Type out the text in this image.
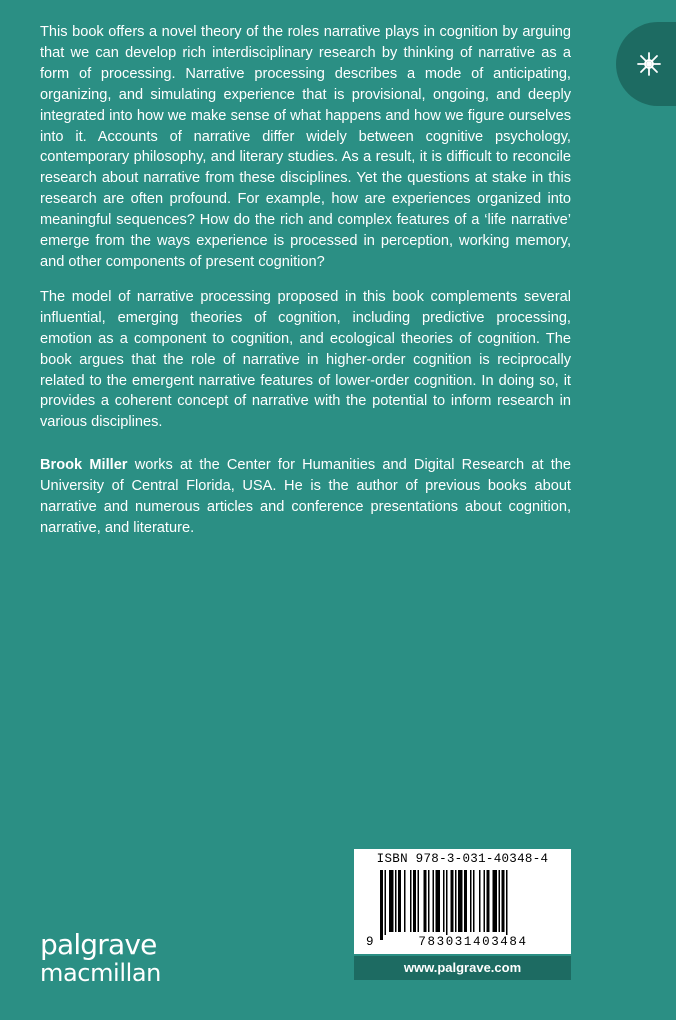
This book offers a novel theory of the roles narrative plays in cognition by arguing that we can develop rich interdisciplinary research by thinking of narrative as a form of processing. Narrative processing describes a mode of anticipating, organizing, and simulating experience that is provisional, ongoing, and deeply integrated into how we make sense of what happens and how we figure ourselves into it. Accounts of narrative differ widely between cognitive psychology, contemporary philosophy, and literary studies. As a result, it is difficult to reconcile research about narrative from these disciplines. Yet the questions at stake in this research are often profound. For example, how are experiences organized into meaningful sequences? How do the rich and complex features of a ‘life narrative’ emerge from the ways experience is processed in perception, working memory, and other components of present cognition?

The model of narrative processing proposed in this book complements several influential, emerging theories of cognition, including predictive processing, emotion as a component to cognition, and ecological theories of cognition. The book argues that the role of narrative in higher-order cognition is reciprocally related to the emergent narrative features of lower-order cognition. In doing so, it provides a coherent concept of narrative with the potential to inform research in various disciplines.

Brook Miller works at the Center for Humanities and Digital Research at the University of Central Florida, USA. He is the author of previous books about narrative and numerous articles and conference presentations about cognition, narrative, and literature.

ISBN 978-3-031-40348-4
9	783031403484
www.palgrave.com
palgrave
macmillan
